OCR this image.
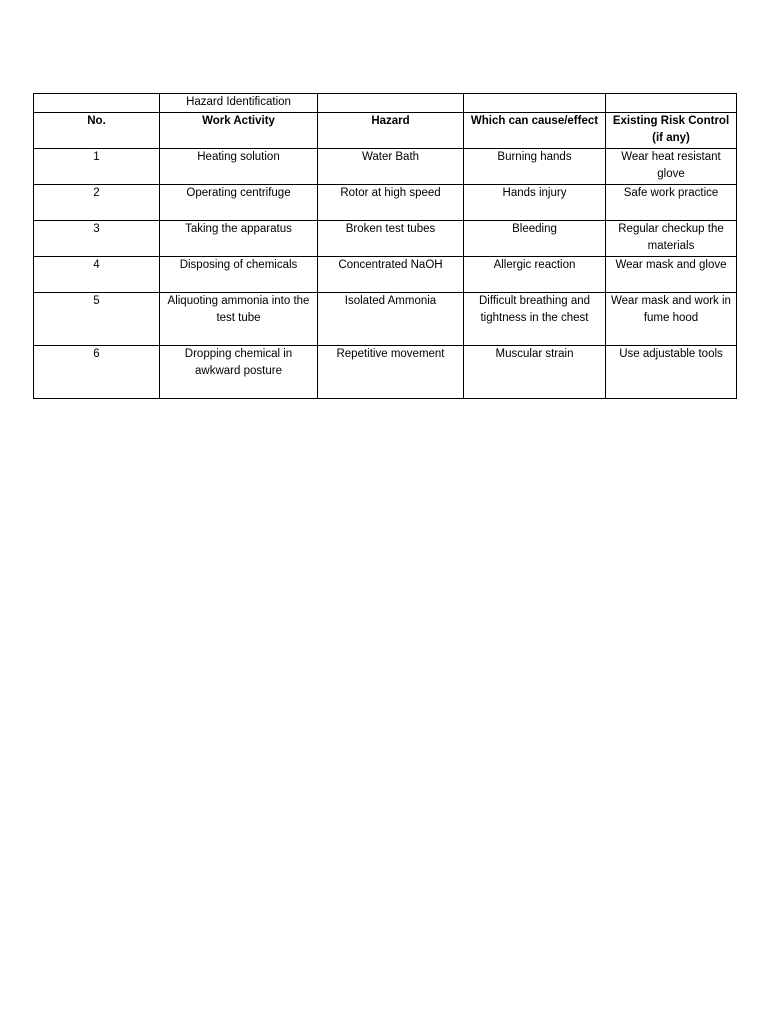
	Hazard Identification			
No.	Work Activity	Hazard	Which can cause/effect	Existing Risk Control (if any)
1	Heating solution	Water Bath	Burning hands	Wear heat resistant glove
2	Operating centrifuge	Rotor at high speed	Hands injury	Safe work practice
3	Taking the apparatus	Broken test tubes	Bleeding	Regular checkup the materials
4	Disposing of chemicals	Concentrated NaOH	Allergic reaction	Wear mask and glove
5	Aliquoting ammonia into the test tube	Isolated Ammonia	Difficult breathing and tightness in the chest	Wear mask and work in fume hood
6	Dropping chemical in awkward posture	Repetitive movement	Muscular strain	Use adjustable tools
